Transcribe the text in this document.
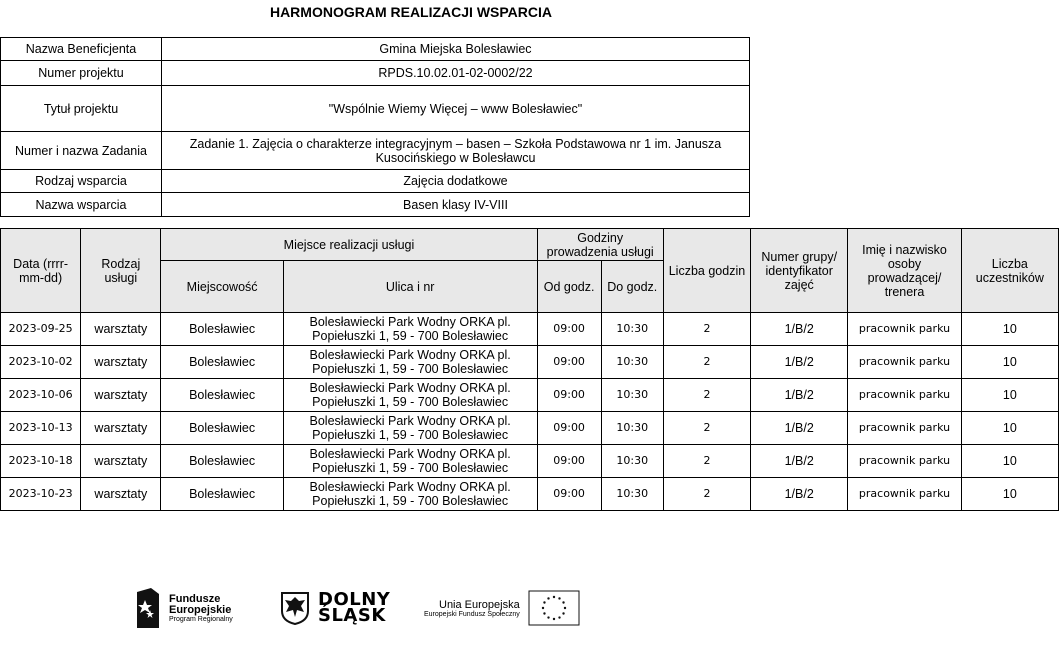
HARMONOGRAM REALIZACJI WSPARCIA
Nazwa Beneficjenta	Gmina Miejska Bolesławiec
Numer projektu	RPDS.10.02.01-02-0002/22
Tytuł projektu	"Wspólnie Wiemy Więcej – www Bolesławiec"
Numer i nazwa Zadania	Zadanie 1. Zajęcia o charakterze integracyjnym – basen – Szkoła Podstawowa nr 1 im. Janusza Kusocińskiego w Bolesławcu
Rodzaj wsparcia	Zajęcia dodatkowe
Nazwa wsparcia	Basen klasy IV-VIII
Data (rrrr-mm-dd)	Rodzaj usługi	Miejsce realizacji usługi		Godziny prowadzenia usługi		Liczba godzin	Numer grupy/ identyfikator zajęć	Imię i nazwisko osoby prowadzącej/ trenera	Liczba uczestników
		Miejscowość	Ulica i nr	Od godz.	Do godz.				
2023-09-25	warsztaty	Bolesławiec	Bolesławiecki Park Wodny ORKA pl. Popiełuszki 1, 59 - 700 Bolesławiec	09:00	10:30	2	1/B/2	pracownik parku	10
2023-10-02	warsztaty	Bolesławiec	Bolesławiecki Park Wodny ORKA pl. Popiełuszki 1, 59 - 700 Bolesławiec	09:00	10:30	2	1/B/2	pracownik parku	10
2023-10-06	warsztaty	Bolesławiec	Bolesławiecki Park Wodny ORKA pl. Popiełuszki 1, 59 - 700 Bolesławiec	09:00	10:30	2	1/B/2	pracownik parku	10
2023-10-13	warsztaty	Bolesławiec	Bolesławiecki Park Wodny ORKA pl. Popiełuszki 1, 59 - 700 Bolesławiec	09:00	10:30	2	1/B/2	pracownik parku	10
2023-10-18	warsztaty	Bolesławiec	Bolesławiecki Park Wodny ORKA pl. Popiełuszki 1, 59 - 700 Bolesławiec	09:00	10:30	2	1/B/2	pracownik parku	10
2023-10-23	warsztaty	Bolesławiec	Bolesławiecki Park Wodny ORKA pl. Popiełuszki 1, 59 - 700 Bolesławiec	09:00	10:30	2	1/B/2	pracownik parku	10
Fundusze
Europejskie
Program Regionalny
DOLNY
ŚLĄSK
Unia Europejska
Europejski Fundusz Społeczny
